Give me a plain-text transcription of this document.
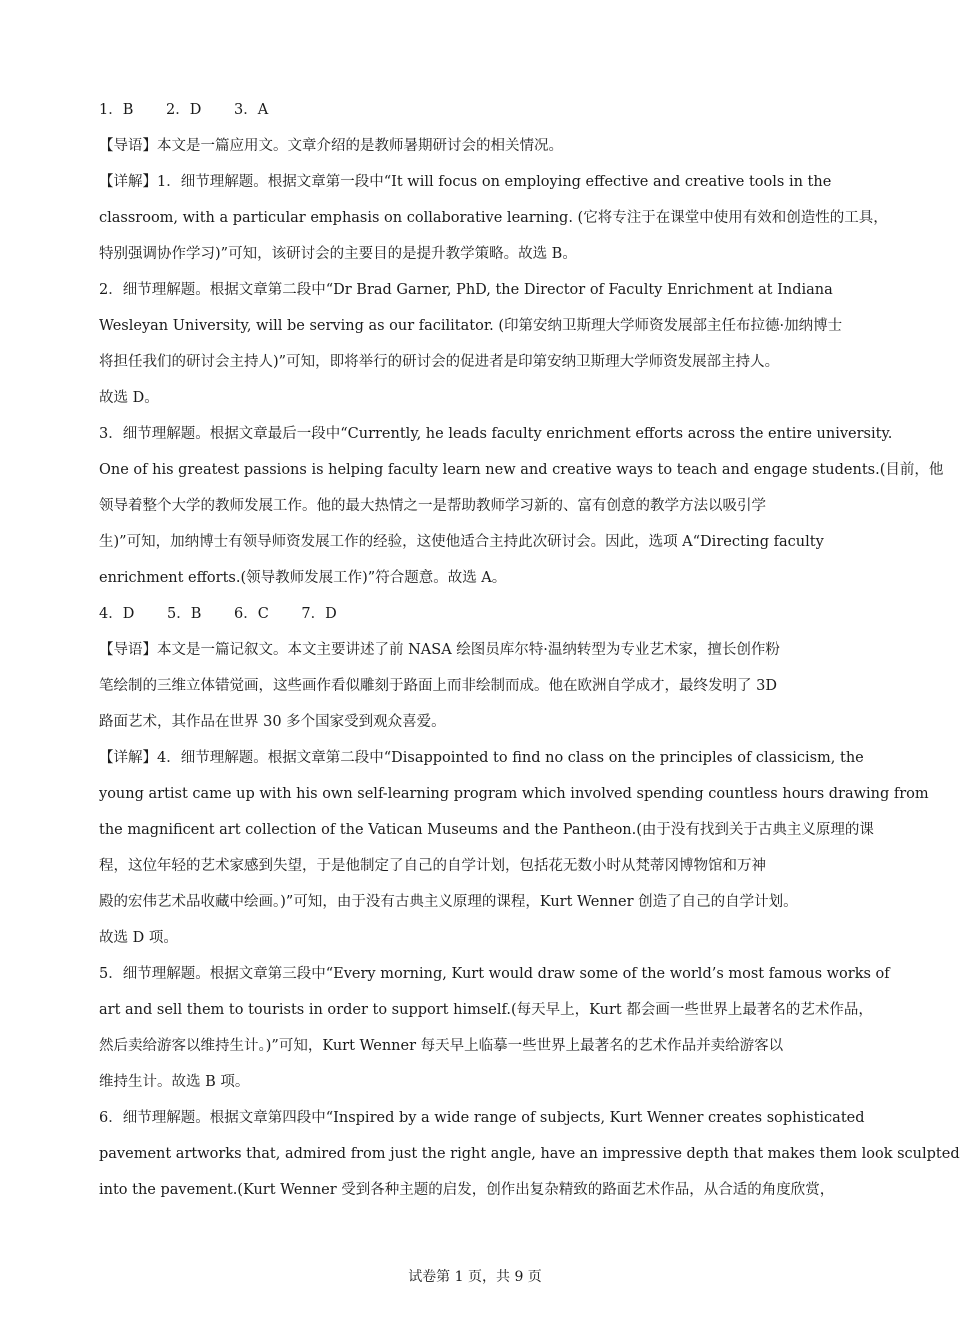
1．B 2．D 3．A
【导语】本文是一篇应用文。文章介绍的是教师暑期研讨会的相关情况。
【详解】1．细节理解题。根据文章第一段中“It will focus on employing effective and creative tools in the
classroom, with a particular emphasis on collaborative learning. (它将专注于在课堂中使用有效和创造性的工具，
特别强调协作学习)”可知，该研讨会的主要目的是提升教学策略。故选 B。
2．细节理解题。根据文章第二段中“Dr Brad Garner, PhD, the Director of Faculty Enrichment at Indiana
Wesleyan University, will be serving as our facilitator. (印第安纳卫斯理大学师资发展部主任布拉德·加纳博士
将担任我们的研讨会主持人)”可知，即将举行的研讨会的促进者是印第安纳卫斯理大学师资发展部主持人。
故选 D。
3．细节理解题。根据文章最后一段中“Currently, he leads faculty enrichment efforts across the entire university.
One of his greatest passions is helping faculty learn new and creative ways to teach and engage students.(目前，他
领导着整个大学的教师发展工作。他的最大热情之一是帮助教师学习新的、富有创意的教学方法以吸引学
生)”可知，加纳博士有领导师资发展工作的经验，这使他适合主持此次研讨会。因此，选项 A“Directing faculty
enrichment efforts.(领导教师发展工作)”符合题意。故选 A。
4．D 5．B 6．C 7．D
【导语】本文是一篇记叙文。本文主要讲述了前 NASA 绘图员库尔特·温纳转型为专业艺术家，擅长创作粉
笔绘制的三维立体错觉画，这些画作看似雕刻于路面上而非绘制而成。他在欧洲自学成才，最终发明了 3D
路面艺术，其作品在世界 30 多个国家受到观众喜爱。
【详解】4．细节理解题。根据文章第二段中“Disappointed to find no class on the principles of classicism, the
young artist came up with his own self-learning program which involved spending countless hours drawing from
the magnificent art collection of the Vatican Museums and the Pantheon.(由于没有找到关于古典主义原理的课
程，这位年轻的艺术家感到失望，于是他制定了自己的自学计划，包括花无数小时从梵蒂冈博物馆和万神
殿的宏伟艺术品收藏中绘画。)”可知，由于没有古典主义原理的课程，Kurt Wenner 创造了自己的自学计划。
故选 D 项。
5．细节理解题。根据文章第三段中“Every morning, Kurt would draw some of the world’s most famous works of
art and sell them to tourists in order to support himself.(每天早上，Kurt 都会画一些世界上最著名的艺术作品，
然后卖给游客以维持生计。)”可知，Kurt Wenner 每天早上临摹一些世界上最著名的艺术作品并卖给游客以
维持生计。故选 B 项。
6．细节理解题。根据文章第四段中“Inspired by a wide range of subjects, Kurt Wenner creates sophisticated
pavement artworks that, admired from just the right angle, have an impressive depth that makes them look sculpted
into the pavement.(Kurt Wenner 受到各种主题的启发，创作出复杂精致的路面艺术作品，从合适的角度欣赏，
试卷第 1 页，共 9 页
